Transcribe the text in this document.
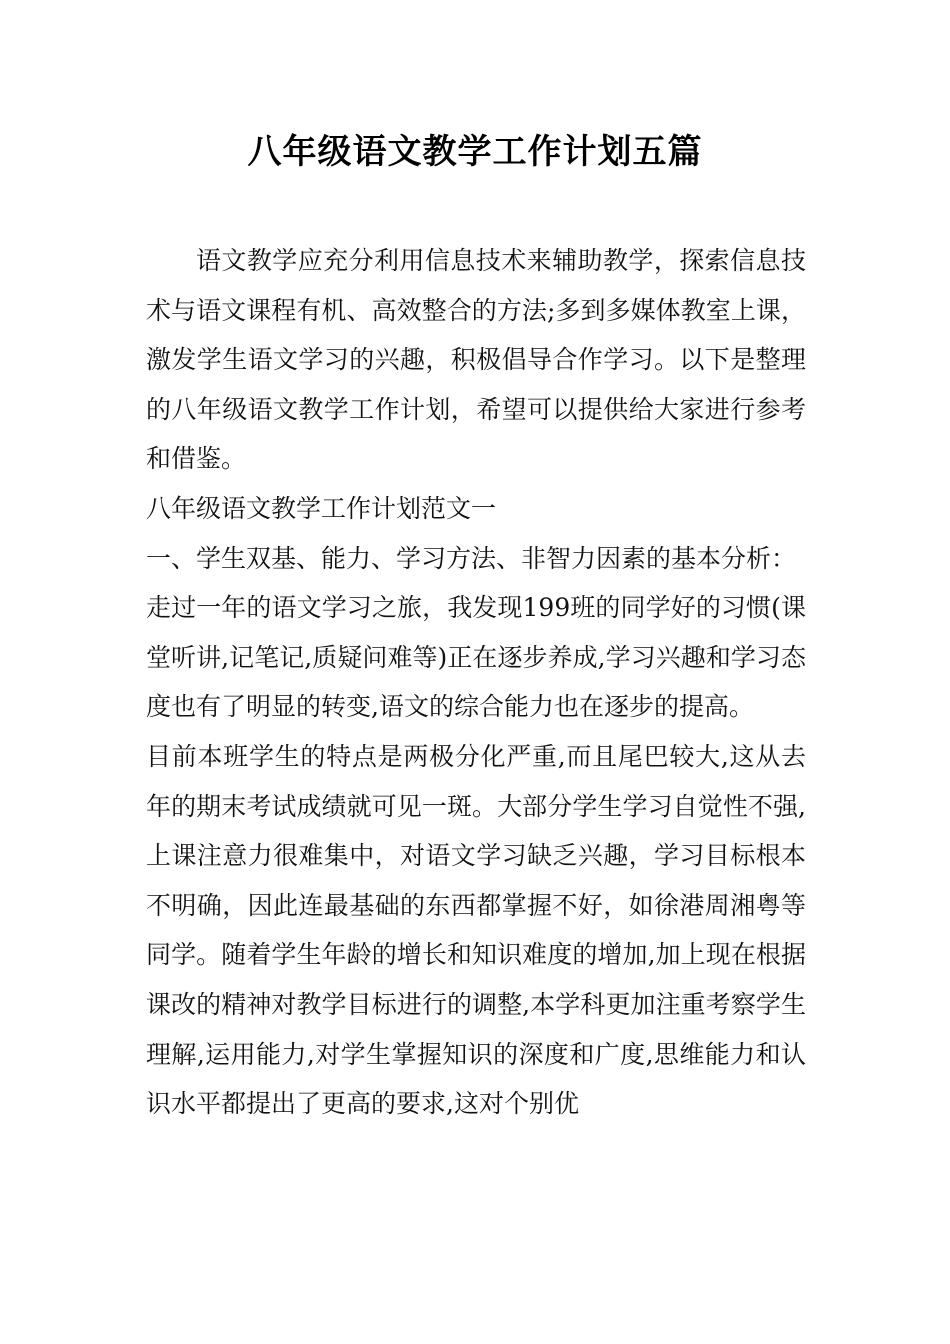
八年级语文教学工作计划五篇

语文教学应充分利用信息技术来辅助教学，探索信息技术与语文课程有机、高效整合的方法;多到多媒体教室上课，激发学生语文学习的兴趣，积极倡导合作学习。以下是整理的八年级语文教学工作计划，希望可以提供给大家进行参考和借鉴。

八年级语文教学工作计划范文一

一、学生双基、能力、学习方法、非智力因素的基本分析：

走过一年的语文学习之旅，我发现199班的同学好的习惯(课堂听讲,记笔记,质疑问难等)正在逐步养成,学习兴趣和学习态度也有了明显的转变,语文的综合能力也在逐步的提高。

目前本班学生的特点是两极分化严重,而且尾巴较大,这从去年的期末考试成绩就可见一斑。大部分学生学习自觉性不强,上课注意力很难集中，对语文学习缺乏兴趣，学习目标根本不明确，因此连最基础的东西都掌握不好，如徐港周湘粤等同学。随着学生年龄的增长和知识难度的增加,加上现在根据课改的精神对教学目标进行的调整,本学科更加注重考察学生理解,运用能力,对学生掌握知识的深度和广度,思维能力和认识水平都提出了更高的要求,这对个别优
